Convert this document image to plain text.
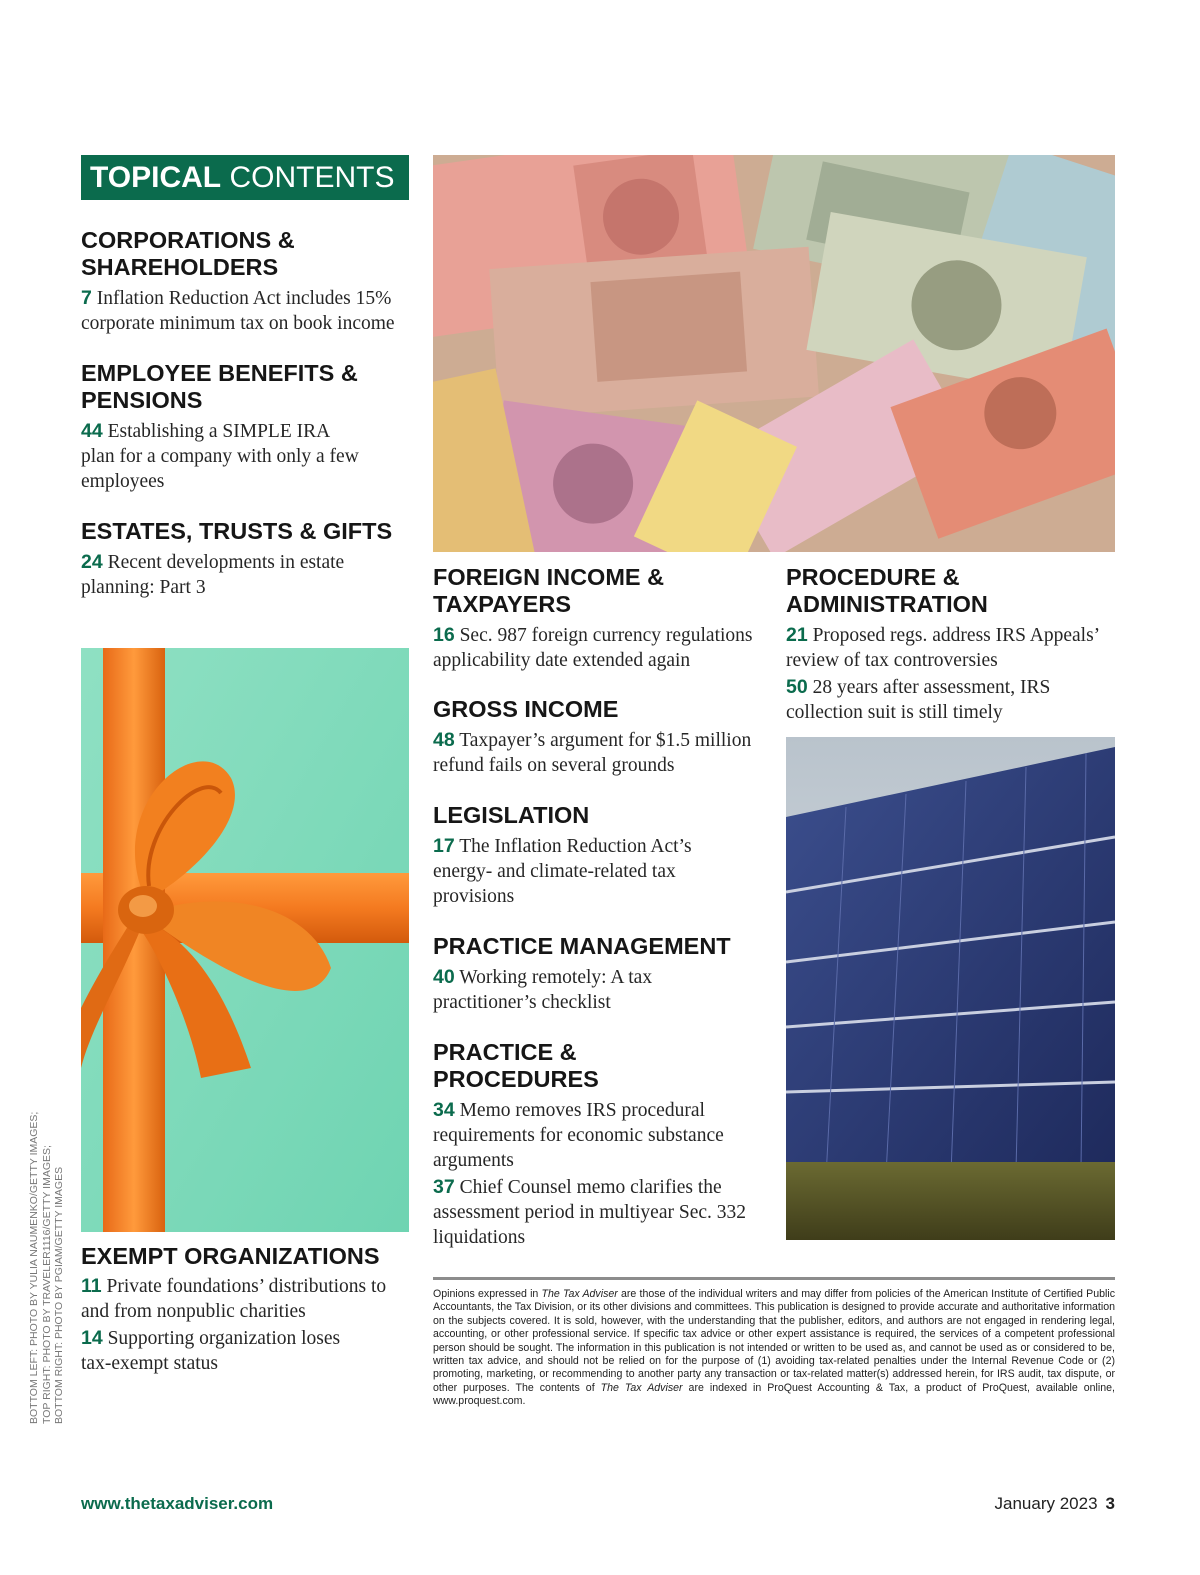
TOPICAL CONTENTS
CORPORATIONS &
SHAREHOLDERS
7 Inflation Reduction Act includes 15%
corporate minimum tax on book income
EMPLOYEE BENEFITS &
PENSIONS
44 Establishing a SIMPLE IRA
plan for a company with only a few
employees
ESTATES, TRUSTS & GIFTS
24 Recent developments in estate
planning: Part 3
EXEMPT ORGANIZATIONS
11 Private foundations’ distributions to
and from nonpublic charities
14 Supporting organization loses
tax-exempt status
BOTTOM LEFT: PHOTO BY YULIA NAUMENKO/GETTY IMAGES; TOP RIGHT: PHOTO BY TRAVELER1116/GETTY IMAGES; BOTTOM RIGHT: PHOTO BY PGIAM/GETTY IMAGES
FOREIGN INCOME &
TAXPAYERS
16 Sec. 987 foreign currency regulations
applicability date extended again
GROSS INCOME
48 Taxpayer’s argument for $1.5 million
refund fails on several grounds
LEGISLATION
17 The Inflation Reduction Act’s
energy- and climate-related tax
provisions
PRACTICE MANAGEMENT
40 Working remotely: A tax
practitioner’s checklist
PRACTICE &
PROCEDURES
34 Memo removes IRS procedural
requirements for economic substance
arguments
37 Chief Counsel memo clarifies the
assessment period in multiyear Sec. 332
liquidations
PROCEDURE &
ADMINISTRATION
21 Proposed regs. address IRS Appeals’
review of tax controversies
50 28 years after assessment, IRS
collection suit is still timely
Opinions expressed in The Tax Adviser are those of the individual writers and may differ from policies of the American Institute of Certified Public Accountants, the Tax Division, or its other divisions and committees. This publication is designed to provide accurate and authoritative information on the subjects covered. It is sold, however, with the understanding that the publisher, editors, and authors are not engaged in rendering legal, accounting, or other professional service. If specific tax advice or other expert assistance is required, the services of a competent professional person should be sought. The information in this publication is not intended or written to be used as, and cannot be used as or considered to be, written tax advice, and should not be relied on for the purpose of (1) avoiding tax-related penalties under the Internal Revenue Code or (2) promoting, marketing, or recommending to another party any transaction or tax-related matter(s) addressed herein, for IRS audit, tax dispute, or other purposes. The contents of The Tax Adviser are indexed in ProQuest Accounting & Tax, a product of ProQuest, available online, www.proquest.com.
www.thetaxadviser.com	January 2023 3
